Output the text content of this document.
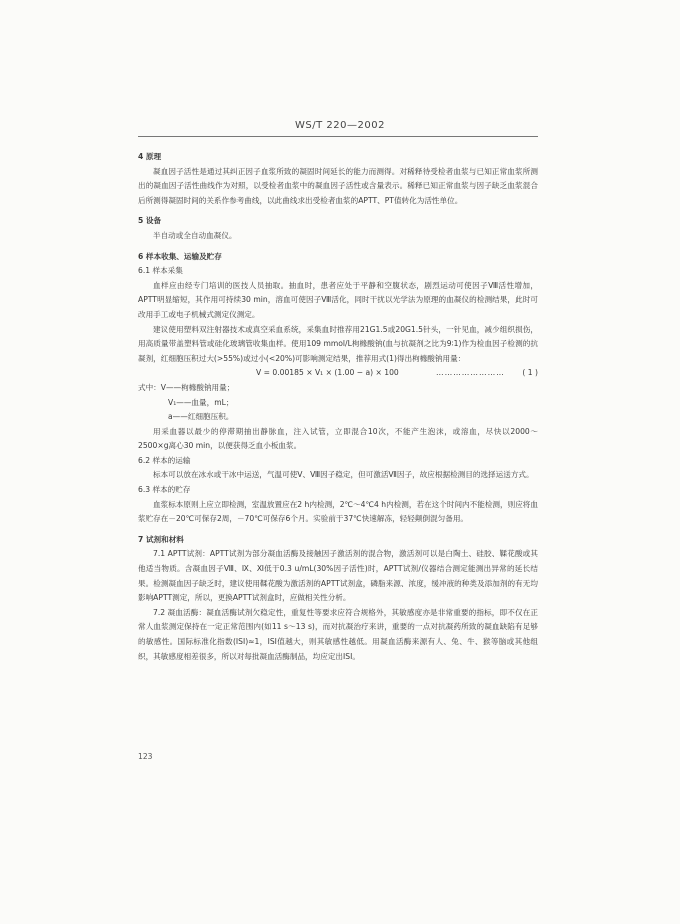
WS/T 220—2002

4 原理

凝血因子活性是通过其纠正因子血浆所致的凝固时间延长的能力而测得。对稀释待受检者血浆与已知正常血浆所测出的凝血因子活性曲线作为对照，以受检者血浆中的凝血因子活性或含量表示。稀释已知正常血浆与因子缺乏血浆混合后所测得凝固时间的关系作参考曲线，以此曲线求出受检者血浆的APTT、PT值转化为活性单位。

5 设备

半自动或全自动血凝仪。

6 样本收集、运输及贮存

6.1 样本采集

血样应由经专门培训的医技人员抽取。抽血时，患者应处于平静和空腹状态，剧烈运动可使因子Ⅷ活性增加，APTT明显缩短，其作用可持续30 min，溶血可使因子Ⅷ活化，同时干扰以光学法为原理的血凝仪的检测结果，此时可改用手工或电子机械式测定仪测定。

建议使用塑料双注射器技术或真空采血系统，采集血时推荐用21G1.5或20G1.5针头，一针见血，减少组织损伤，用高质量带盖塑料管或硅化玻璃管收集血样。使用109 mmol/L枸橼酸钠(血与抗凝剂之比为9∶1)作为检血因子检测的抗凝剂，红细胞压积过大(>55%)或过小(<20%)可影响测定结果，推荐用式(1)得出枸橼酸钠用量：

V = 0.00185 × V₁ × (1.00 − a) × 100	…………………… ( 1 )

式中：V——枸橼酸钠用量；

V₁——血量，mL；

a——红细胞压积。

用采血器以最少的停滞期抽出静脉血，注入试管，立即混合10次，不能产生泡沫，或溶血，尽快以2000～2500×g离心30 min，以便获得乏血小板血浆。

6.2 样本的运输

标本可以放在冰水或干冰中运送，气温可使Ⅴ、Ⅷ因子稳定，但可激活Ⅶ因子，故应根据检测目的选择运送方式。

6.3 样本的贮存

血浆标本原则上应立即检测，室温放置应在2 h内检测，2℃～4℃4 h内检测，若在这个时间内不能检测，则应将血浆贮存在－20℃可保存2周，－70℃可保存6个月。实验前于37℃快速解冻，轻轻颠倒混匀备用。

7 试剂和材料

7.1 APTT试剂：APTT试剂为部分凝血活酶及接触因子激活剂的混合物，激活剂可以是白陶土、硅胶、鞣花酸或其他适当物质。含凝血因子Ⅷ、Ⅸ、Ⅺ低于0.3 u/mL(30%因子活性)时，APTT试剂/仪器结合测定能测出异常的延长结果。检测凝血因子缺乏时，建议使用鞣花酸为激活剂的APTT试剂盒，磷脂来源、浓度，缓冲液的种类及添加剂的有无均影响APTT测定，所以，更换APTT试剂盒时，应做相关性分析。

7.2 凝血活酶：凝血活酶试剂欠稳定性，重复性等要求应符合规格外，其敏感度亦是非常重要的指标，即不仅在正常人血浆测定保持在一定正常范围内(如11 s～13 s)，而对抗凝治疗来讲，重要的一点对抗凝药所致的凝血缺陷有足够的敏感性。国际标准化指数(ISI)≈1，ISI值越大，则其敏感性越低。用凝血活酶来源有人、兔、牛、猴等脑或其他组织，其敏感度相差很多，所以对每批凝血活酶制品，均应定出ISI。

123
